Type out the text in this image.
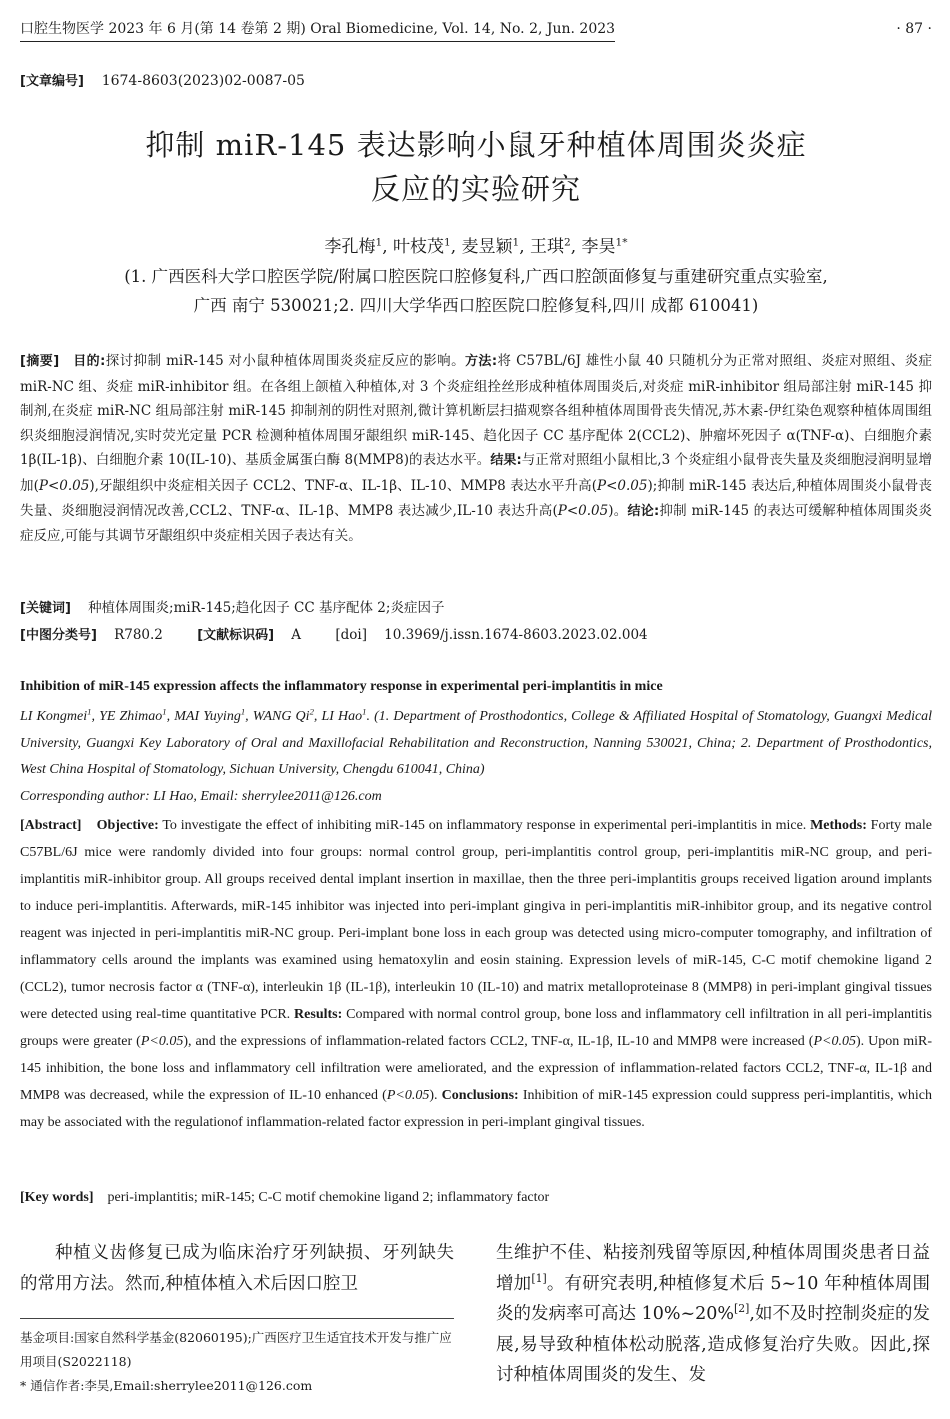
口腔生物医学 2023 年 6 月(第 14 卷第 2 期) Oral Biomedicine, Vol. 14, No. 2, Jun. 2023	· 87 ·
[文章编号] 1674-8603(2023)02-0087-05
抑制 miR-145 表达影响小鼠牙种植体周围炎炎症
反应的实验研究
李孔梅$^1$, 叶枝茂$^1$, 麦昱颖$^1$, 王琪$^2$, 李昊$^{1*}$
(1. 广西医科大学口腔医学院/附属口腔医院口腔修复科,广西口腔颌面修复与重建研究重点实验室,
广西 南宁 530021;2. 四川大学华西口腔医院口腔修复科,四川 成都 610041)
[摘要] 目的:探讨抑制 miR-145 对小鼠种植体周围炎炎症反应的影响。方法:将 C57BL/6J 雄性小鼠 40 只随机分为正常对照组、炎症对照组、炎症 miR-NC 组、炎症 miR-inhibitor 组。在各组上颌植入种植体,对 3 个炎症组拴丝形成种植体周围炎后,对炎症 miR-inhibitor 组局部注射 miR-145 抑制剂,在炎症 miR-NC 组局部注射 miR-145 抑制剂的阴性对照剂,微计算机断层扫描观察各组种植体周围骨丧失情况,苏木素-伊红染色观察种植体周围组织炎细胞浸润情况,实时荧光定量 PCR 检测种植体周围牙龈组织 miR-145、趋化因子 CC 基序配体 2(CCL2)、肿瘤坏死因子 α(TNF-α)、白细胞介素 1β(IL-1β)、白细胞介素 10(IL-10)、基质金属蛋白酶 8(MMP8)的表达水平。结果:与正常对照组小鼠相比,3 个炎症组小鼠骨丧失量及炎细胞浸润明显增加(P<0.05),牙龈组织中炎症相关因子 CCL2、TNF-α、IL-1β、IL-10、MMP8 表达水平升高(P<0.05);抑制 miR-145 表达后,种植体周围炎小鼠骨丧失量、炎细胞浸润情况改善,CCL2、TNF-α、IL-1β、MMP8 表达减少,IL-10 表达升高(P<0.05)。结论:抑制 miR-145 的表达可缓解种植体周围炎炎症反应,可能与其调节牙龈组织中炎症相关因子表达有关。
[关键词] 种植体周围炎;miR-145;趋化因子 CC 基序配体 2;炎症因子
[中图分类号] R780.2	[文献标识码] A	[doi] 10.3969/j.issn.1674-8603.2023.02.004
Inhibition of miR-145 expression affects the inflammatory response in experimental peri-implantitis in mice
LI Kongmei$^1$, YE Zhimao$^1$, MAI Yuying$^1$, WANG Qi$^2$, LI Hao$^1$. (1. Department of Prosthodontics, College & Affiliated Hospital of Stomatology, Guangxi Medical University, Guangxi Key Laboratory of Oral and Maxillofacial Rehabilitation and Reconstruction, Nanning 530021, China; 2. Department of Prosthodontics, West China Hospital of Stomatology, Sichuan University, Chengdu 610041, China)
Corresponding author: LI Hao, Email: sherrylee2011@126.com
[Abstract] Objective: To investigate the effect of inhibiting miR-145 on inflammatory response in experimental peri-implantitis in mice. Methods: Forty male C57BL/6J mice were randomly divided into four groups: normal control group, peri-implantitis control group, peri-implantitis miR-NC group, and peri-implantitis miR-inhibitor group. All groups received dental implant insertion in maxillae, then the three peri-implantitis groups received ligation around implants to induce peri-implantitis. Afterwards, miR-145 inhibitor was injected into peri-implant gingiva in peri-implantitis miR-inhibitor group, and its negative control reagent was injected in peri-implantitis miR-NC group. Peri-implant bone loss in each group was detected using micro-computer tomography, and infiltration of inflammatory cells around the implants was examined using hematoxylin and eosin staining. Expression levels of miR-145, C-C motif chemokine ligand 2 (CCL2), tumor necrosis factor α (TNF-α), interleukin 1β (IL-1β), interleukin 10 (IL-10) and matrix metalloproteinase 8 (MMP8) in peri-implant gingival tissues were detected using real-time quantitative PCR. Results: Compared with normal control group, bone loss and inflammatory cell infiltration in all peri-implantitis groups were greater (P<0.05), and the expressions of inflammation-related factors CCL2, TNF-α, IL-1β, IL-10 and MMP8 were increased (P<0.05). Upon miR-145 inhibition, the bone loss and inflammatory cell infiltration were ameliorated, and the expression of inflammation-related factors CCL2, TNF-α, IL-1β and MMP8 was decreased, while the expression of IL-10 enhanced (P<0.05). Conclusions: Inhibition of miR-145 expression could suppress peri-implantitis, which may be associated with the regulationof inflammation-related factor expression in peri-implant gingival tissues.
[Key words] peri-implantitis; miR-145; C-C motif chemokine ligand 2; inflammatory factor
种植义齿修复已成为临床治疗牙列缺损、牙列缺失的常用方法。然而,种植体植入术后因口腔卫
基金项目:国家自然科学基金(82060195);广西医疗卫生适宜技术开发与推广应用项目(S2022118)
* 通信作者:李昊,Email:sherrylee2011@126.com
生维护不佳、粘接剂残留等原因,种植体周围炎患者日益增加[1]。有研究表明,种植修复术后 5~10 年种植体周围炎的发病率可高达 10%~20%[2],如不及时控制炎症的发展,易导致种植体松动脱落,造成修复治疗失败。因此,探讨种植体周围炎的发生、发
